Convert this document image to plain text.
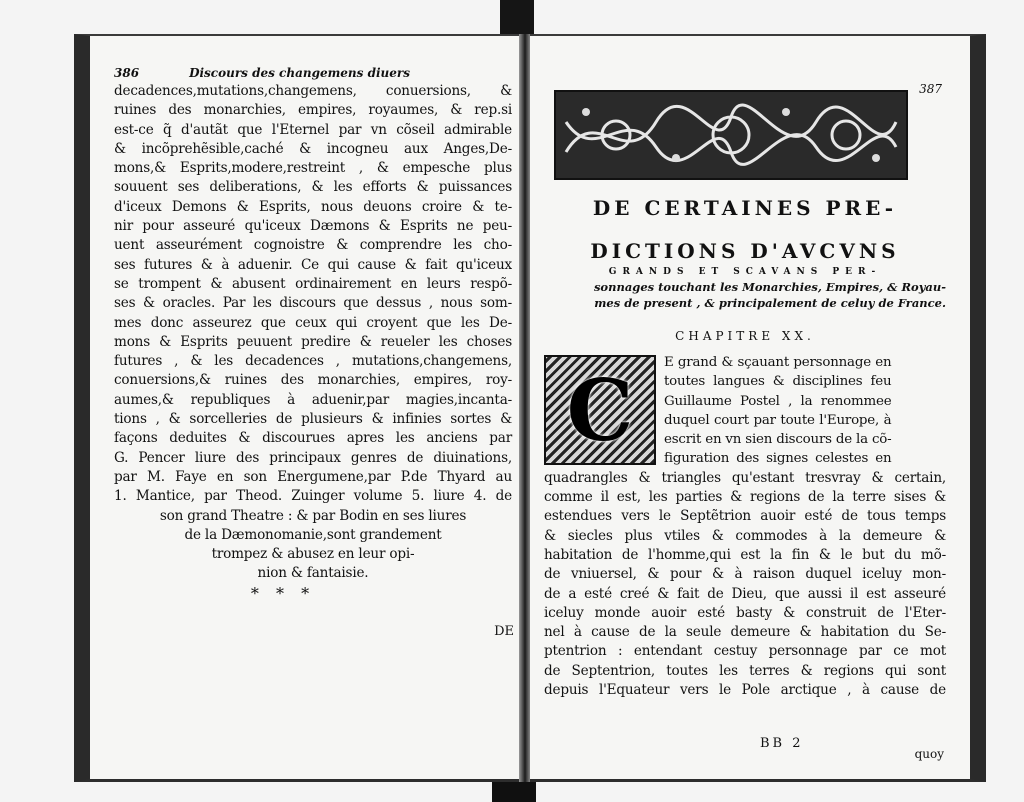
386	Discours des changemens diuers
decadences,mutations,changemens, conuersions, &
ruines des monarchies, empires, royaumes, & rep.si
est-ce q̃ d'autãt que l'Eternel par vn cõseil admirable
& incõprehẽsible,caché & incogneu aux Anges,De-
mons,& Esprits,modere,restreint , & empesche plus
souuent ses deliberations, & les efforts & puissances
d'iceux Demons & Esprits, nous deuons croire & te-
nir pour asseuré qu'iceux Dæmons & Esprits ne peu-
uent asseurément cognoistre & comprendre les cho-
ses futures & à aduenir. Ce qui cause & fait qu'iceux
se trompent & abusent ordinairement en leurs respõ-
ses & oracles. Par les discours que dessus , nous som-
mes donc asseurez que ceux qui croyent que les De-
mons & Esprits peuuent predire & reueler les choses
futures , & les decadences , mutations,changemens,
conuersions,& ruines des monarchies, empires, roy-
aumes,& republiques à aduenir,par magies,incanta-
tions , & sorcelleries de plusieurs & infinies sortes &
façons deduites & discourues apres les anciens par
G. Pencer liure des principaux genres de diuinations,
par M. Faye en son Energumene,par P.de Thyard au
1. Mantice, par Theod. Zuinger volume 5. liure 4. de
son grand Theatre : & par Bodin en ses liures
de la Dæmonomanie,sont grandement
trompez & abusez en leur opi-
nion & fantaisie.
* * *
DE
387
DE CERTAINES PRE-
DICTIONS D'AVCVNS
GRANDS ET SCAVANS PER-
sonnages touchant les Monarchies, Empires, & Royau-
mes de present , & principalement de celuy de France.
CHAPITRE XX.
C	E grand & sçauant personnage en
toutes langues & disciplines feu
Guillaume Postel , la renommee
duquel court par toute l'Europe, à
escrit en vn sien discours de la cõ-
figuration des signes celestes en
quadrangles & triangles qu'estant tresvray & certain,
comme il est, les parties & regions de la terre sises &
estendues vers le Septẽtrion auoir esté de tous temps
& siecles plus vtiles & commodes à la demeure &
habitation de l'homme,qui est la fin & le but du mõ-
de vniuersel, & pour & à raison duquel iceluy mon-
de a esté creé & fait de Dieu, que aussi il est asseuré
iceluy monde auoir esté basty & construit de l'Eter-
nel à cause de la seule demeure & habitation du Se-
ptentrion : entendant cestuy personnage par ce mot
de Septentrion, toutes les terres & regions qui sont
depuis l'Equateur vers le Pole arctique , à cause de
BB 2
quoy
